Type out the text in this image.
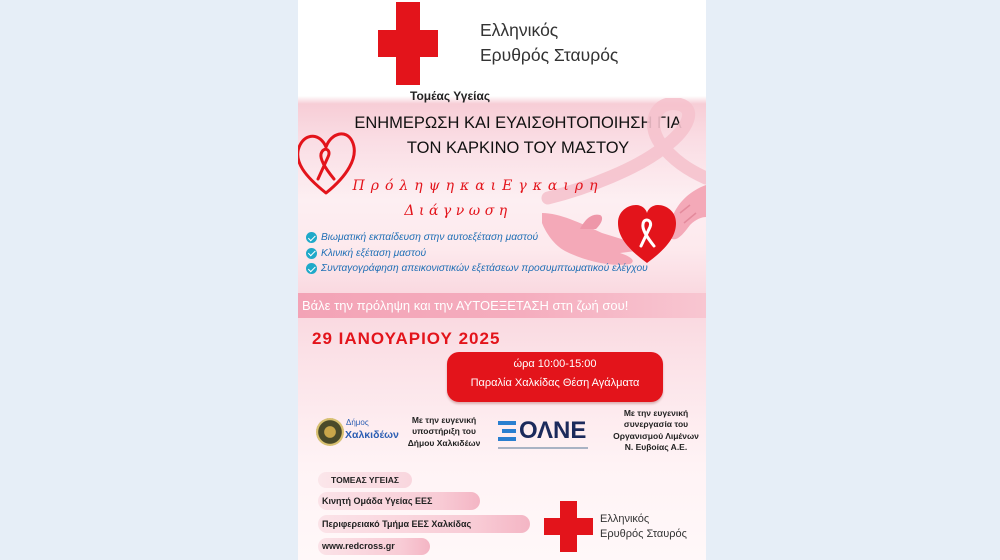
Ελληνικός
Ερυθρός Σταυρός
Τομέας Υγείας
ΕΝΗΜΕΡΩΣΗ ΚΑΙ ΕΥΑΙΣΘΗΤΟΠΟΙΗΣΗ ΓΙΑ
ΤΟΝ ΚΑΡΚΙΝΟ ΤΟΥ ΜΑΣΤΟΥ
ΠρόληψηκαιΕγκαιρη
Διάγνωση
Βιωματική εκπαίδευση στην αυτοεξέταση μαστού
Κλινική εξέταση μαστού
Συνταγογράφηση απεικονιστικών εξετάσεων προσυμπτωματικού ελέγχου
Βάλε την πρόληψη και την ΑΥΤΟΕΞΕΤΑΣΗ στη ζωή σου!
29 ΙΑΝΟΥΑΡΙΟΥ 2025
ώρα 10:00-15:00
Παραλία Χαλκίδας Θέση Αγάλματα
Δήμος
Χαλκιδέων
Με την ευγενική
υποστήριξη του
Δήμου Χαλκιδέων ΟΛΝΕ
Με την ευγενική
συνεργασία του
Οργανισμού Λιμένων
Ν. Ευβοίας Α.Ε.
ΤΟΜΕΑΣ ΥΓΕΙΑΣ
Κινητή Ομάδα Υγείας ΕΕΣ
Περιφερειακό Τμήμα ΕΕΣ Χαλκίδας
www.redcross.gr
Ελληνικός
Ερυθρός Σταυρός
